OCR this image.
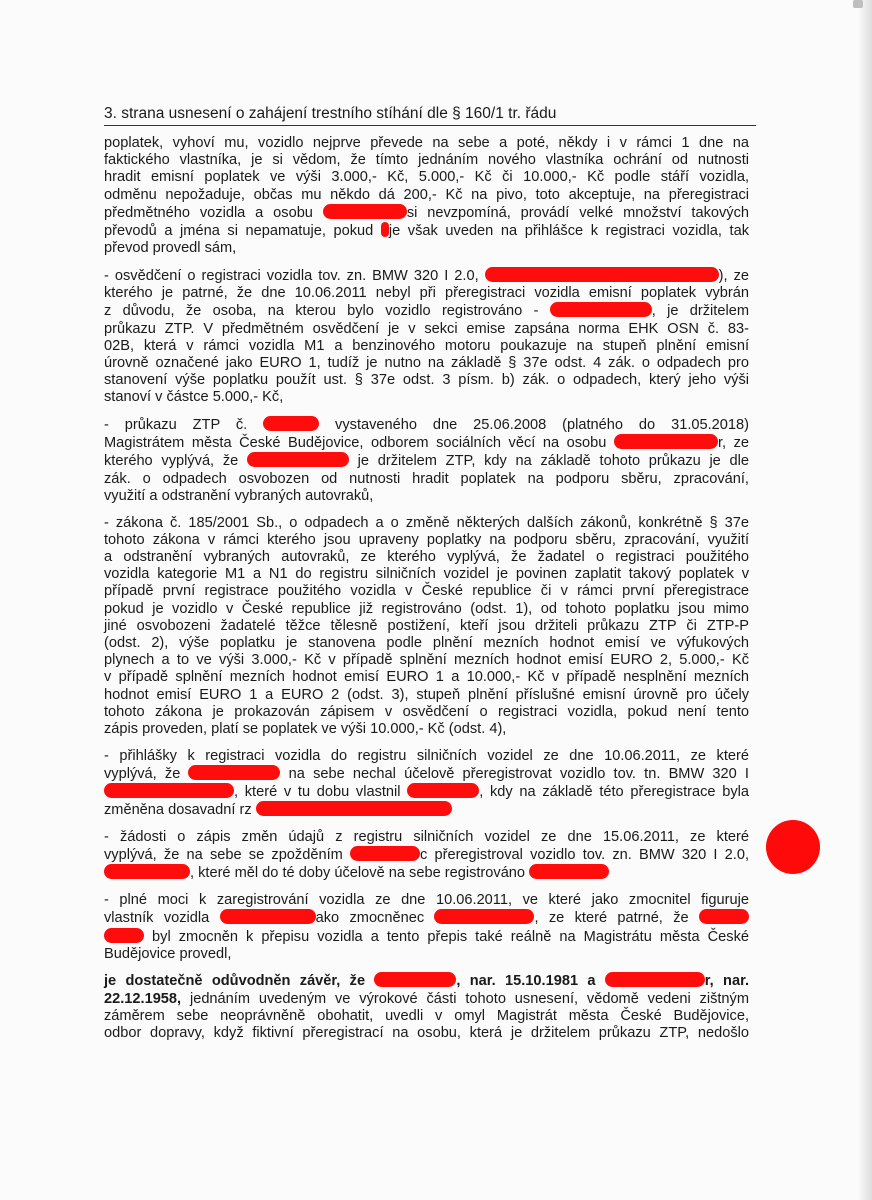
3. strana usnesení o zahájení trestního stíhání dle § 160/1 tr. řádu
poplatek, vyhoví mu, vozidlo nejprve převede na sebe a poté, někdy i v rámci 1 dne na
faktického vlastníka, je si vědom, že tímto jednáním nového vlastníka ochrání od nutnosti
hradit emisní poplatek ve výši 3.000,- Kč, 5.000,- Kč či 10.000,- Kč podle stáří vozidla,
odměnu nepožaduje, občas mu někdo dá 200,- Kč na pivo, toto akceptuje, na přeregistraci
předmětného vozidla a osobu	si nevzpomíná, provádí velké množství takových
převodů a jména si nepamatuje, pokud je však uveden na přihlášce k registraci vozidla, tak
převod provedl sám,
- osvědčení o registraci vozidla tov. zn. BMW 320 I 2.0,	), ze
kterého je patrné, že dne 10.06.2011 nebyl při přeregistraci vozidla emisní poplatek vybrán
z důvodu, že osoba, na kterou bylo vozidlo registrováno -	, je držitelem
průkazu ZTP. V předmětném osvědčení je v sekci emise zapsána norma EHK OSN č. 83-
02B, která v rámci vozidla M1 a benzinového motoru poukazuje na stupeň plnění emisní
úrovně označené jako EURO 1, tudíž je nutno na základě § 37e odst. 4 zák. o odpadech pro
stanovení výše poplatku použít ust. § 37e odst. 3 písm. b) zák. o odpadech, který jeho výši
stanoví v částce 5.000,- Kč,
- průkazu ZTP č.	vystaveného dne 25.06.2008 (platného do 31.05.2018)
Magistrátem města České Budějovice, odborem sociálních věcí na osobu	r, ze
kterého vyplývá, že	je držitelem ZTP, kdy na základě tohoto průkazu je dle
zák. o odpadech osvobozen od nutnosti hradit poplatek na podporu sběru, zpracování,
využití a odstranění vybraných autovraků,
- zákona č. 185/2001 Sb., o odpadech a o změně některých dalších zákonů, konkrétně § 37e
tohoto zákona v rámci kterého jsou upraveny poplatky na podporu sběru, zpracování, využití
a odstranění vybraných autovraků, ze kterého vyplývá, že žadatel o registraci použitého
vozidla kategorie M1 a N1 do registru silničních vozidel je povinen zaplatit takový poplatek v
případě první registrace použitého vozidla v České republice či v rámci první přeregistrace
pokud je vozidlo v České republice již registrováno (odst. 1), od tohoto poplatku jsou mimo
jiné osvobozeni žadatelé těžce tělesně postižení, kteří jsou držiteli průkazu ZTP či ZTP-P
(odst. 2), výše poplatku je stanovena podle plnění mezních hodnot emisí ve výfukových
plynech a to ve výši 3.000,- Kč v případě splnění mezních hodnot emisí EURO 2, 5.000,- Kč
v případě splnění mezních hodnot emisí EURO 1 a 10.000,- Kč v případě nesplnění mezních
hodnot emisí EURO 1 a EURO 2 (odst. 3), stupeň plnění příslušné emisní úrovně pro účely
tohoto zákona je prokazován zápisem v osvědčení o registraci vozidla, pokud není tento
zápis proveden, platí se poplatek ve výši 10.000,- Kč (odst. 4),
- přihlášky k registraci vozidla do registru silničních vozidel ze dne 10.06.2011, ze které
vyplývá, že	na sebe nechal účelově přeregistrovat vozidlo tov. tn. BMW 320 I
, které v tu dobu vlastnil	, kdy na základě této přeregistrace byla
změněna dosavadní rz
- žádosti o zápis změn údajů z registru silničních vozidel ze dne 15.06.2011, ze které
vyplývá, že na sebe se zpožděním	c přeregistroval vozidlo tov. zn. BMW 320 I 2.0,
, které měl do té doby účelově na sebe registrováno
- plné moci k zaregistrování vozidla ze dne 10.06.2011, ve které jako zmocnitel figuruje
vlastník vozidla	ako zmocněnec	, ze které patrné, že
byl zmocněn k přepisu vozidla a tento přepis také reálně na Magistrátu města České
Budějovice provedl,
je dostatečně odůvodněn závěr, že	, nar. 15.10.1981 a	r, nar.
22.12.1958, jednáním uvedeným ve výrokové části tohoto usnesení, vědomě vedeni zištným
záměrem sebe neoprávněně obohatit, uvedli v omyl Magistrát města České Budějovice,
odbor dopravy, když fiktivní přeregistrací na osobu, která je držitelem průkazu ZTP, nedošlo
